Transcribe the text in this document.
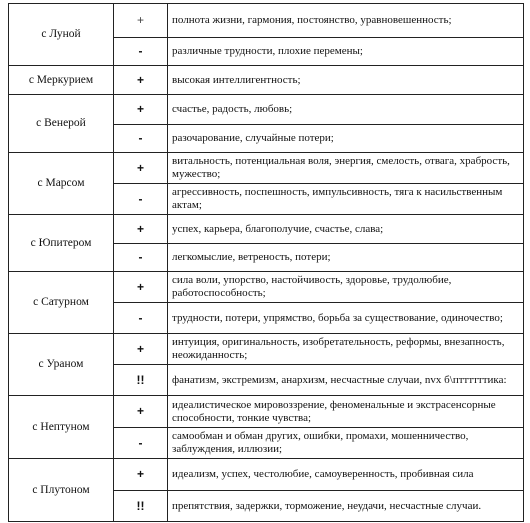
с Луной	+	полнота жизни, гармония, постоянство, уравновешенность;
	-	различные трудности, плохие перемены;
с Меркурием	+	высокая интеллигентность;
с Венерой	+	счастье, радость, любовь;
	-	разочарование, случайные потери;
с Марсом	+	витальность, потенциальная воля, энергия, смелость, отвага, храбрость, мужество;
	-	агрессивность, поспешность, импульсивность, тяга к насильственным актам;
с Юпитером	+	успех, карьера, благополучие, счастье, слава;
	-	легкомыслие, ветреность, потери;
с Сатурном	+	сила воли, упорство, настойчивость, здоровье, трудолюбие, работоспособность;
	-	трудности, потери, упрямство, борьба за существование, одиночество;
с Ураном	+	интуиция, оригинальность, изобретательность, реформы, внезапность, неожиданность;
	!!	фанатизм, экстремизм, анархизм, несчастные случаи, nvx б\пттттттика:
с Нептуном	+	идеалистическое мировоззрение, феноменальные и экстрасенсорные способности, тонкие чувства;
	-	самообман и обман других, ошибки, промахи, мошенничество, заблуждения, иллюзии;
с Плутоном	+	идеализм, успех, честолюбие, самоуверенность, пробивная сила
	!!	препятствия, задержки, торможение, неудачи, несчастные случаи.
